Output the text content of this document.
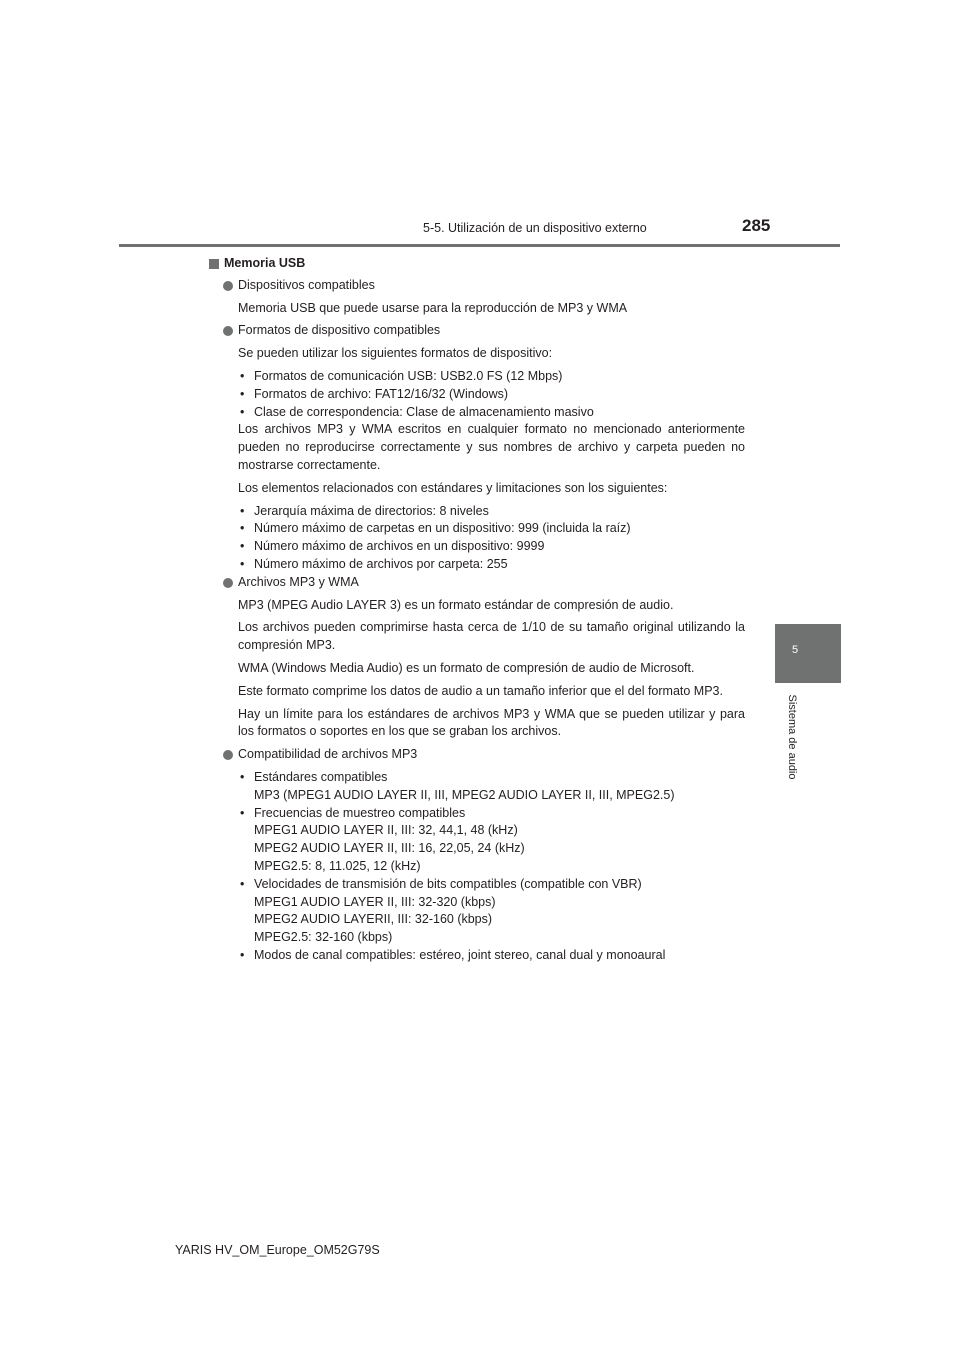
5-5. Utilización de un dispositivo externo	285
5
Sistema de audio
Memoria USB
Dispositivos compatibles
Memoria USB que puede usarse para la reproducción de MP3 y WMA
Formatos de dispositivo compatibles
Se pueden utilizar los siguientes formatos de dispositivo:
• Formatos de comunicación USB: USB2.0 FS (12 Mbps)
• Formatos de archivo: FAT12/16/32 (Windows)
• Clase de correspondencia: Clase de almacenamiento masivo
Los archivos MP3 y WMA escritos en cualquier formato no mencionado anteriormente pueden no reproducirse correctamente y sus nombres de archivo y carpeta pueden no mostrarse correctamente.
Los elementos relacionados con estándares y limitaciones son los siguientes:
• Jerarquía máxima de directorios: 8 niveles
• Número máximo de carpetas en un dispositivo: 999 (incluida la raíz)
• Número máximo de archivos en un dispositivo: 9999
• Número máximo de archivos por carpeta: 255
Archivos MP3 y WMA
MP3 (MPEG Audio LAYER 3) es un formato estándar de compresión de audio.
Los archivos pueden comprimirse hasta cerca de 1/10 de su tamaño original utilizando la compresión MP3.
WMA (Windows Media Audio) es un formato de compresión de audio de Microsoft.
Este formato comprime los datos de audio a un tamaño inferior que el del formato MP3.
Hay un límite para los estándares de archivos MP3 y WMA que se pueden utilizar y para los formatos o soportes en los que se graban los archivos.
Compatibilidad de archivos MP3
• Estándares compatibles
MP3 (MPEG1 AUDIO LAYER II, III, MPEG2 AUDIO LAYER II, III, MPEG2.5)
• Frecuencias de muestreo compatibles
MPEG1 AUDIO LAYER II, III: 32, 44,1, 48 (kHz)
MPEG2 AUDIO LAYER II, III: 16, 22,05, 24 (kHz)
MPEG2.5: 8, 11.025, 12 (kHz)
• Velocidades de transmisión de bits compatibles (compatible con VBR)
MPEG1 AUDIO LAYER II, III: 32-320 (kbps)
MPEG2 AUDIO LAYERII, III: 32-160 (kbps)
MPEG2.5: 32-160 (kbps)
• Modos de canal compatibles: estéreo, joint stereo, canal dual y monoaural
YARIS HV_OM_Europe_OM52G79S
